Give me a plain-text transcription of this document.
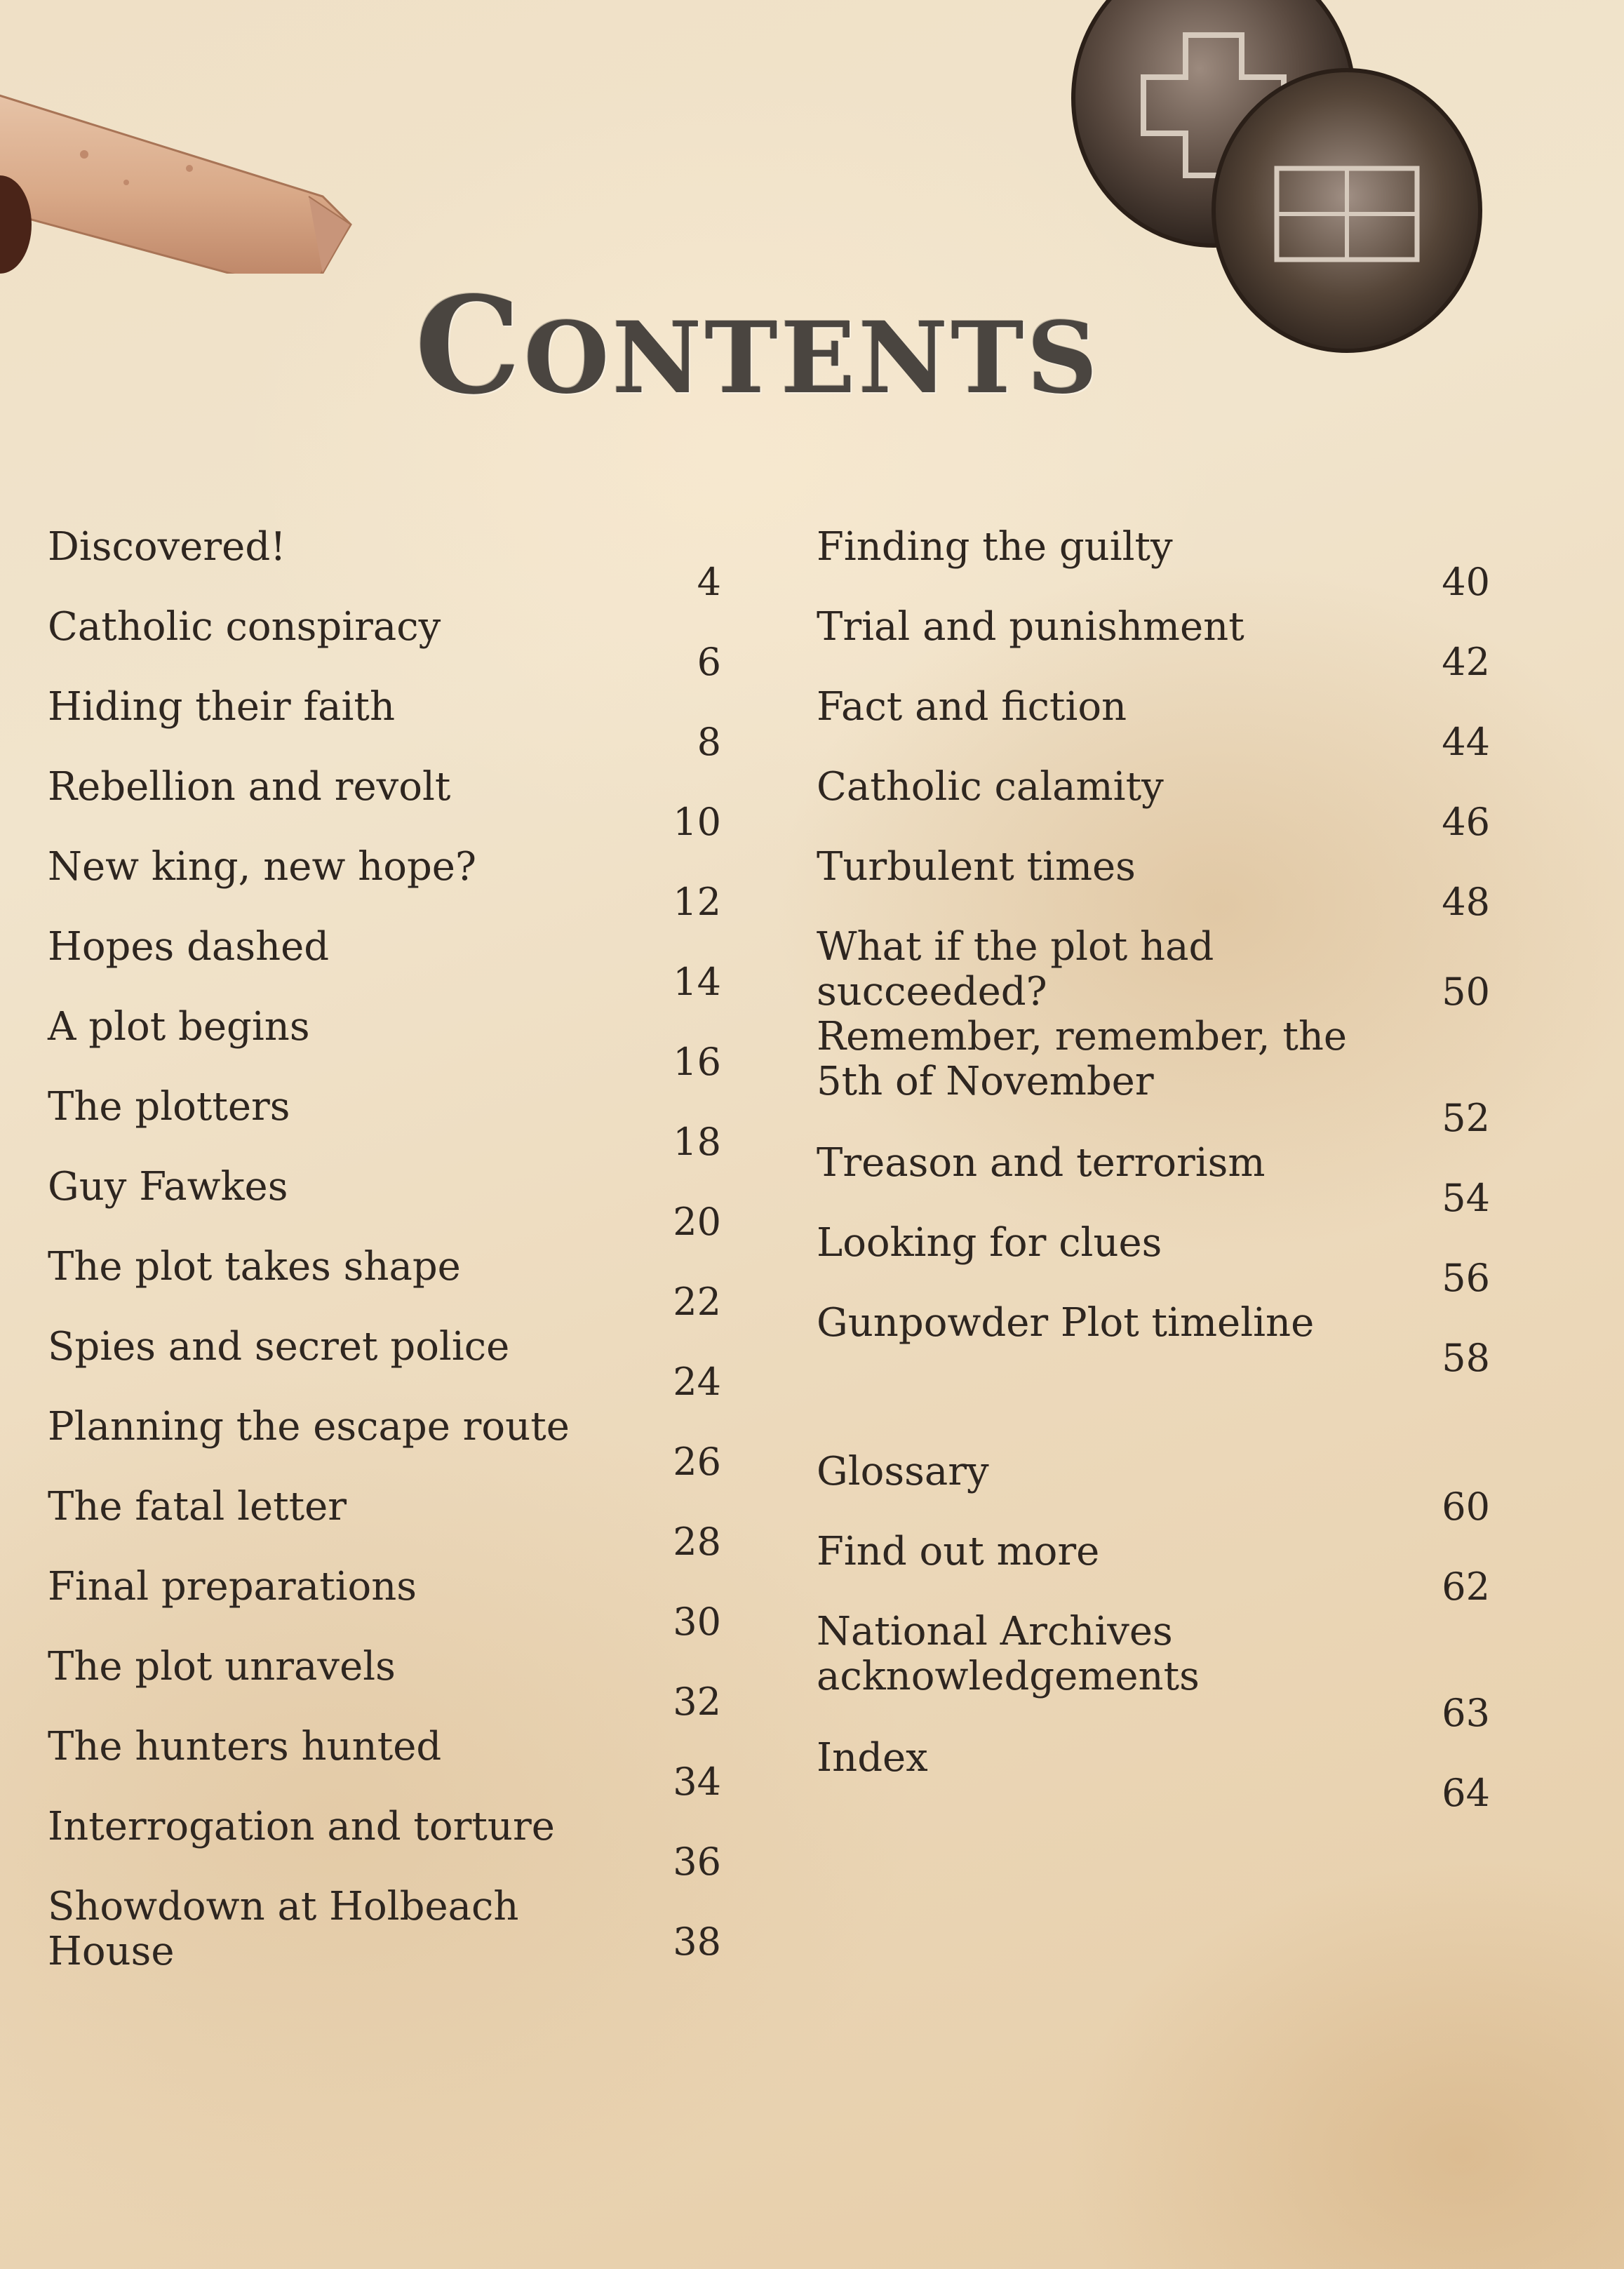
CONTENTS
Discovered!
4
Catholic conspiracy
6
Hiding their faith
8
Rebellion and revolt
10
New king, new hope?
12
Hopes dashed
14
A plot begins
16
The plotters
18
Guy Fawkes
20
The plot takes shape
22
Spies and secret police
24
Planning the escape route
26
The fatal letter
28
Final preparations
30
The plot unravels
32
The hunters hunted
34
Interrogation and torture
36
Showdown at Holbeach House	38
Finding the guilty
40
Trial and punishment
42
Fact and fiction
44
Catholic calamity
46
Turbulent times
48
What if the plot had succeeded?	50
Remember, remember, the 5th of November
52
Treason and terrorism
54
Looking for clues
56
Gunpowder Plot timeline
58
Glossary
60
Find out more
62
National Archives acknowledgements
63
Index
64
